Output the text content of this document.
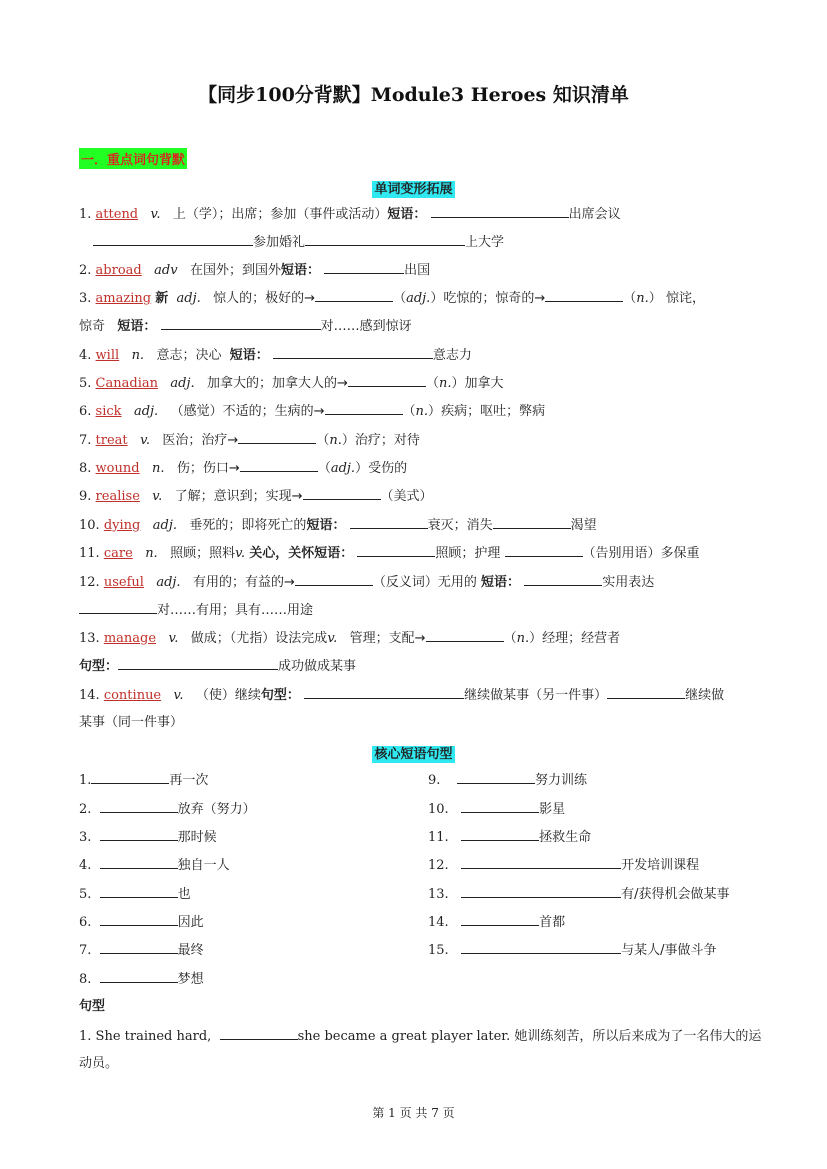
【同步100分背默】Module3 Heroes 知识清单
一．重点词句背默
单词变形拓展
1. attend v. 上（学）；出席；参加（事件或活动）短语：	出席会议
参加婚礼	上大学
2. abroad adv 在国外；到国外短语：	出国
3. amazing 新 adj. 惊人的；极好的→	（adj.）吃惊的；惊奇的→	（n.） 惊诧，
惊奇 短语：	对……感到惊讶
4. will n. 意志；决心 短语：	意志力
5. Canadian adj. 加拿大的；加拿大人的→	（n.）加拿大
6. sick adj. （感觉）不适的；生病的→	（n.）疾病；呕吐；弊病
7. treat v. 医治；治疗→	（n.）治疗；对待
8. wound n. 伤；伤口→	（adj.）受伤的
9. realise v. 了解；意识到；实现→	（美式）
10. dying adj. 垂死的；即将死亡的短语：	衰灭；消失	渴望
11. care n. 照顾；照料v. 关心，关怀短语：	照顾；护理	（告别用语）多保重
12. useful adj. 有用的；有益的→	（反义词）无用的 短语：	实用表达
对……有用；具有……用途
13. manage v. 做成；（尤指）设法完成v. 管理；支配→	（n.）经理；经营者
句型：	成功做成某事
14. continue v. （使）继续句型：	继续做某事（另一件事）	继续做
某事（同一件事）
核心短语句型
1.	再一次
2.	放弃（努力）
3.	那时候
4.	独自一人
5.	也
6.	因此
7.	最终
8.	梦想
9.	努力训练
10.	影星
11.	拯救生命
12.	开发培训课程
13.	有/获得机会做某事
14.	首都
15.	与某人/事做斗争
句型
1. She trained hard,	she became a great player later. 她训练刻苦，所以后来成为了一名伟大的运
动员。
第 1 页 共 7 页
